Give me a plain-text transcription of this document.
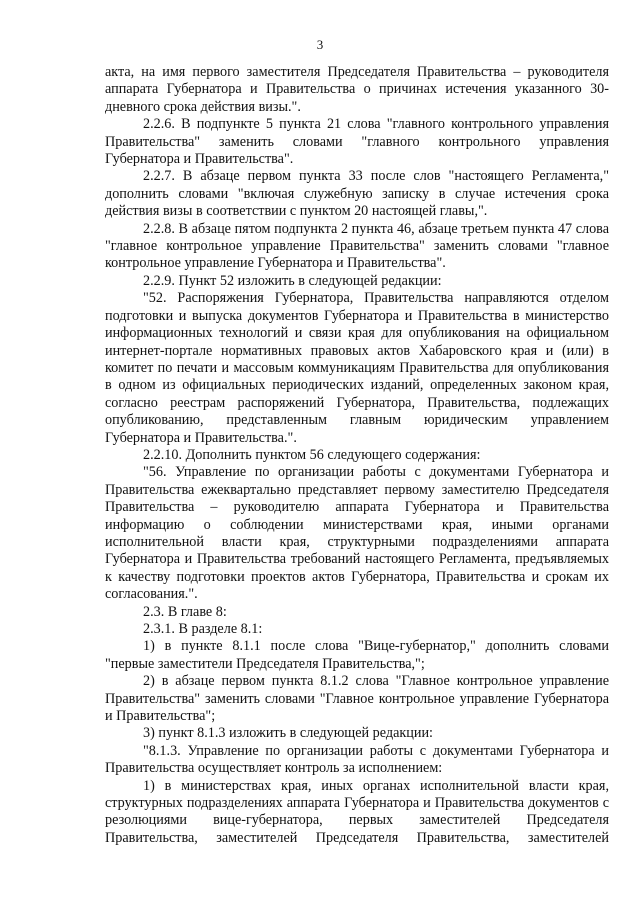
3

акта, на имя первого заместителя Председателя Правительства – руководителя аппарата Губернатора и Правительства о причинах истечения указанного 30-дневного срока действия визы.".

2.2.6. В подпункте 5 пункта 21 слова "главного контрольного управления Правительства" заменить словами "главного контрольного управления Губернатора и Правительства".

2.2.7. В абзаце первом пункта 33 после слов "настоящего Регламента," дополнить словами "включая служебную записку в случае истечения срока действия визы в соответствии с пунктом 20 настоящей главы,".

2.2.8. В абзаце пятом подпункта 2 пункта 46, абзаце третьем пункта 47 слова "главное контрольное управление Правительства" заменить словами "главное контрольное управление Губернатора и Правительства".

2.2.9. Пункт 52 изложить в следующей редакции:

"52. Распоряжения Губернатора, Правительства направляются отделом подготовки и выпуска документов Губернатора и Правительства в министерство информационных технологий и связи края для опубликования на официальном интернет-портале нормативных правовых актов Хабаровского края и (или) в комитет по печати и массовым коммуникациям Правительства для опубликования в одном из официальных периодических изданий, определенных законом края, согласно реестрам распоряжений Губернатора, Правительства, подлежащих опубликованию, представленным главным юридическим управлением Губернатора и Правительства.".

2.2.10. Дополнить пунктом 56 следующего содержания:

"56. Управление по организации работы с документами Губернатора и Правительства ежеквартально представляет первому заместителю Председателя Правительства – руководителю аппарата Губернатора и Правительства информацию о соблюдении министерствами края, иными органами исполнительной власти края, структурными подразделениями аппарата Губернатора и Правительства требований настоящего Регламента, предъявляемых к качеству подготовки проектов актов Губернатора, Правительства и срокам их согласования.".

2.3. В главе 8:

2.3.1. В разделе 8.1:

1) в пункте 8.1.1 после слова "Вице-губернатор," дополнить словами "первые заместители Председателя Правительства,";

2) в абзаце первом пункта 8.1.2 слова "Главное контрольное управление Правительства" заменить словами "Главное контрольное управление Губернатора и Правительства";

3) пункт 8.1.3 изложить в следующей редакции:

"8.1.3. Управление по организации работы с документами Губернатора и Правительства осуществляет контроль за исполнением:

1) в министерствах края, иных органах исполнительной власти края, структурных подразделениях аппарата Губернатора и Правительства документов с резолюциями вице-губернатора, первых заместителей Председателя Правительства, заместителей Председателя Правительства, заместителей
